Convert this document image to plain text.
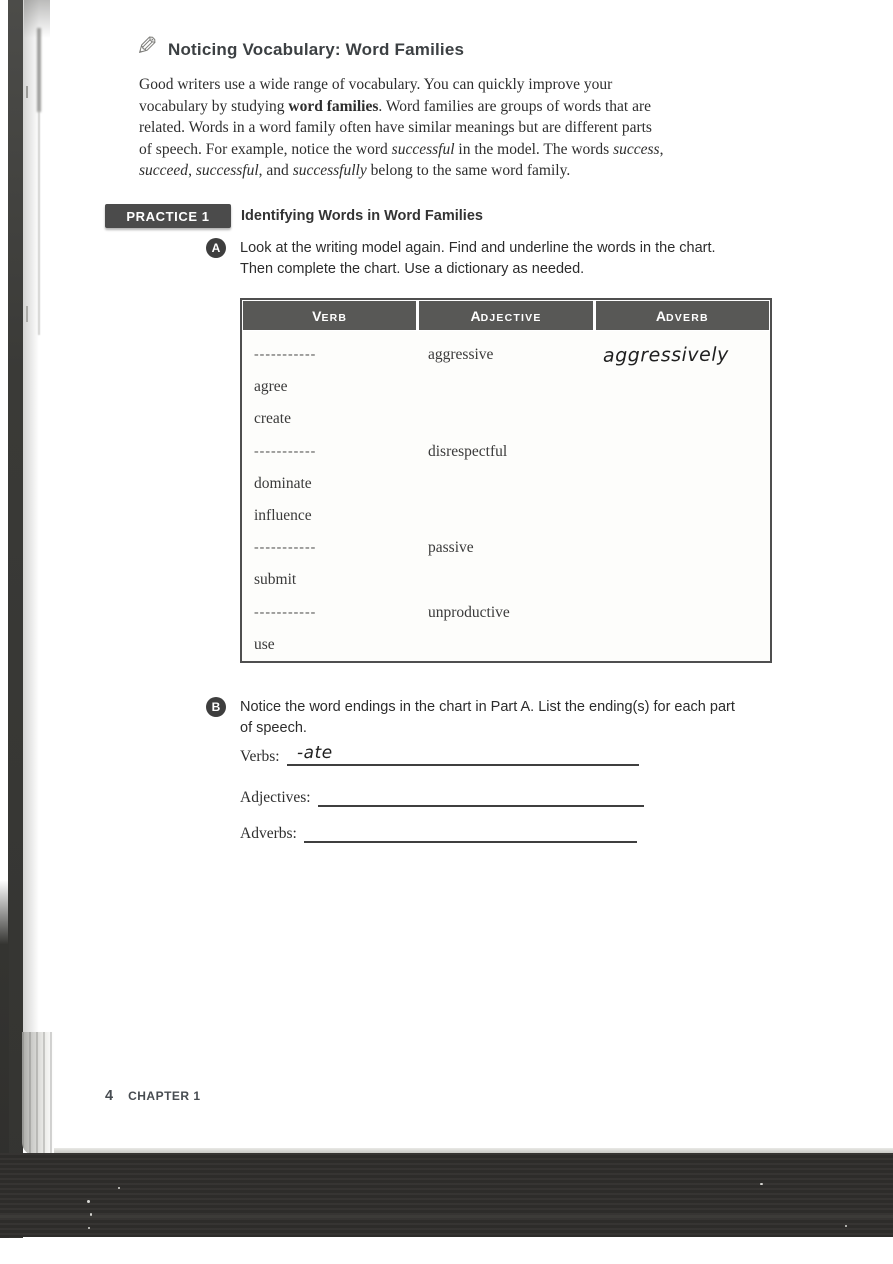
✎ Noticing Vocabulary: Word Families

Good writers use a wide range of vocabulary. You can quickly improve your
vocabulary by studying word families. Word families are groups of words that are
related. Words in a word family often have similar meanings but are different parts
of speech. For example, notice the word successful in the model. The words success,
succeed, successful, and successfully belong to the same word family.

PRACTICE 1	Identifying Words in Word Families
A	Look at the writing model again. Find and underline the words in the chart.
Then complete the chart. Use a dictionary as needed.
V ERB	A DJECTIVE	A DVERB
-----------	aggressive	aggressively
agree
create
-----------	disrespectful
dominate
influence
-----------	passive
submit
-----------	unproductive
use
B	Notice the word endings in the chart in Part A. List the ending(s) for each part
of speech.
Verbs: -ate
Adjectives:
Adverbs:
4 CHAPTER 1
